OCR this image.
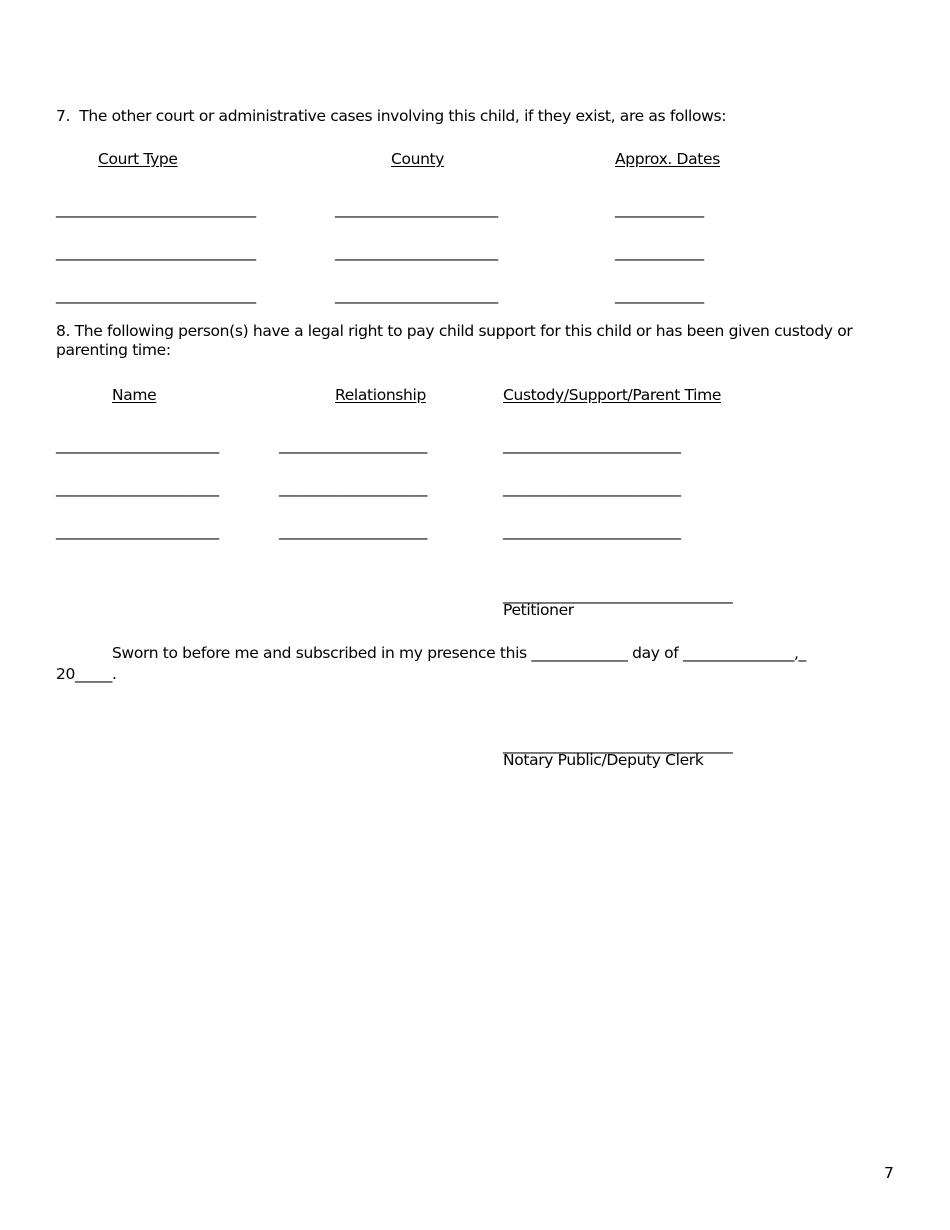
7.  The other court or administrative cases involving this child, if they exist, are as follows:
Court Type	County	Approx. Dates
___________________________	______________________	____________
___________________________	______________________	____________
___________________________	______________________	____________
8. The following person(s) have a legal right to pay child support for this child or has been given custody or parenting time:
Name	Relationship	Custody/Support/Parent Time
______________________	____________________	________________________
______________________	____________________	________________________
______________________	____________________	________________________
_______________________________
Petitioner
Sworn to before me and subscribed in my presence this _____________ day of _______________,_
20_____.
_______________________________
Notary Public/Deputy Clerk
7
